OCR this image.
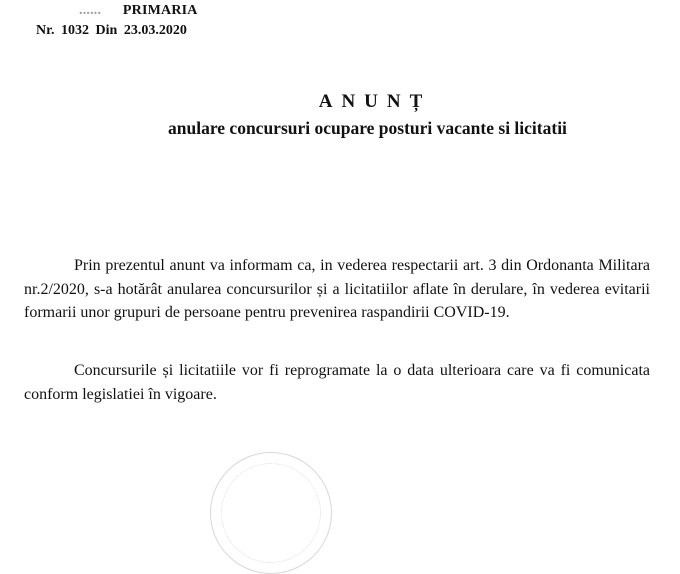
...... PRIMARIA
Nr. 1032 Din 23.03.2020
ANUNȚ
anulare concursuri ocupare posturi vacante si licitatii

Prin prezentul anunt va informam ca, in vederea respectarii art. 3 din Ordonanta Militara nr.2/2020, s-a hotărât anularea concursurilor și a licitatiilor aflate în derulare, în vederea evitarii formarii unor grupuri de persoane pentru prevenirea raspandirii COVID-19.

Concursurile și licitatiile vor fi reprogramate la o data ulterioara care va fi comunicata conform legislatiei în vigoare.
